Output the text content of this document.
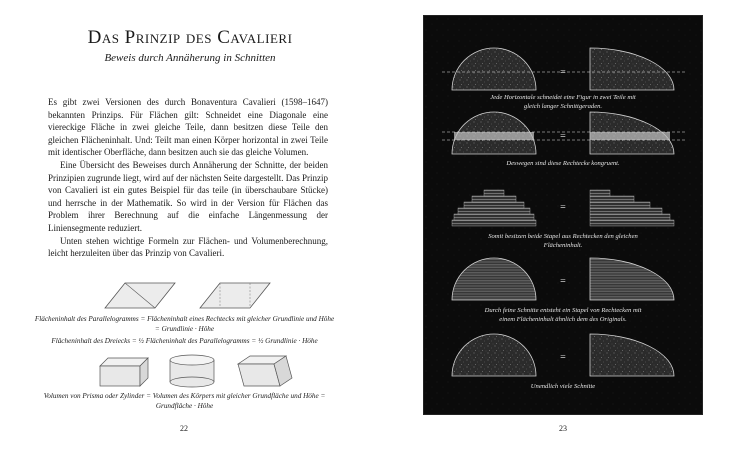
Das Prinzip des Cavalieri
Beweis durch Annäherung in Schnitten

Es gibt zwei Versionen des durch Bonaventura Cavalieri (1598–1647) bekannten Prinzips. Für Flächen gilt: Schneidet eine Diagonale eine viereckige Fläche in zwei gleiche Teile, dann besitzen diese Teile den gleichen Flächeninhalt. Und: Teilt man einen Körper horizontal in zwei Teile mit identischer Oberfläche, dann besitzen auch sie das gleiche Volumen.

Eine Übersicht des Beweises durch Annäherung der Schnitte, der beiden Prinzipien zugrunde liegt, wird auf der nächsten Seite dargestellt. Das Prinzip von Cavalieri ist ein gutes Beispiel für das teile (in überschaubare Stücke) und herrsche in der Mathematik. So wird in der Version für Flächen das Problem ihrer Berechnung auf die einfache Längenmessung der Liniensegmente reduziert.

Unten stehen wichtige Formeln zur Flächen- und Volumenberechnung, leicht herzuleiten über das Prinzip von Cavalieri.

Flächeninhalt des Parallelogramms = Flächeninhalt eines Rechtecks mit gleicher Grundlinie und Höhe = Grundlinie · Höhe
Flächeninhalt des Dreiecks = ½ Flächeninhalt des Parallelogramms = ½ Grundlinie · Höhe
Volumen von Prisma oder Zylinder = Volumen des Körpers mit gleicher Grundfläche und Höhe = Grundfläche · Höhe
22
=
=
=
=
=
Jede Horizontale schneidet eine Figur in zwei Teile mit gleich langer Schnittgeraden.
Deswegen sind diese Rechtecke kongruent.
Somit besitzen beide Stapel aus Rechtecken den gleichen Flächeninhalt.
Durch feine Schnitte entsteht ein Stapel von Rechtecken mit einem Flächeninhalt ähnlich dem des Originals.
Unendlich viele Schnitte
23
